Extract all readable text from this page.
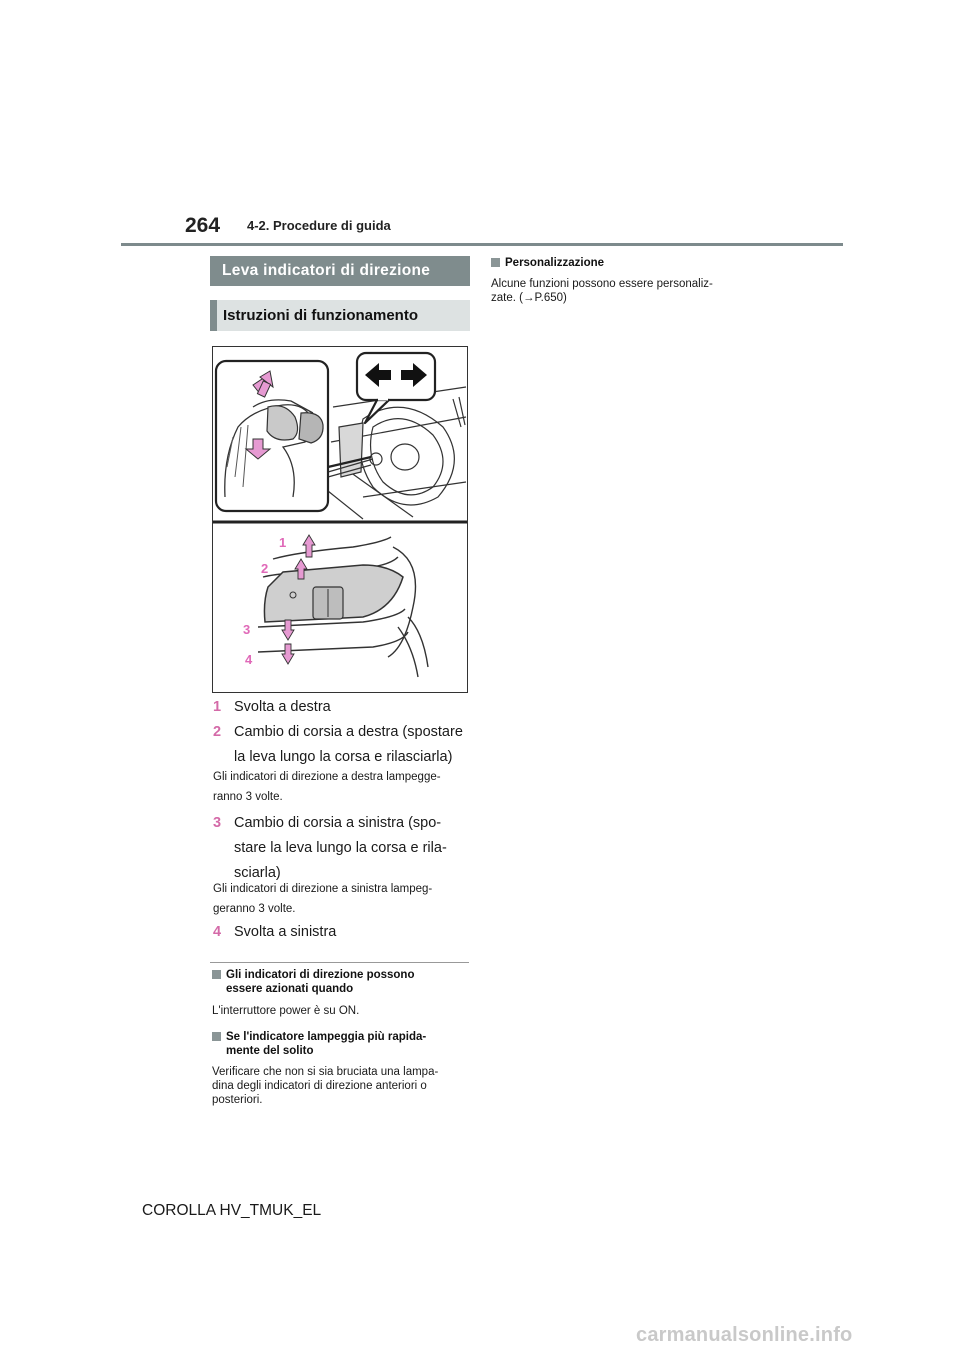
264 4-2. Procedure di guida
Leva indicatori di direzione
Istruzioni di funzionamento
1
2
3
4
1 Svolta a destra
2 Cambio di corsia a destra (spostare
la leva lungo la corsa e rilasciarla)
Gli indicatori di direzione a destra lampegge-
ranno 3 volte.
3 Cambio di corsia a sinistra (spo-
stare la leva lungo la corsa e rila-
sciarla)
Gli indicatori di direzione a sinistra lampeg-
geranno 3 volte.
4 Svolta a sinistra
Gli indicatori di direzione possono
essere azionati quando
L'interruttore power è su ON.
Se l'indicatore lampeggia più rapida-
mente del solito
Verificare che non si sia bruciata una lampa-
dina degli indicatori di direzione anteriori o
posteriori.
Personalizzazione
Alcune funzioni possono essere personaliz-
zate. (→P.650)
COROLLA HV_TMUK_EL
carmanualsonline.info
